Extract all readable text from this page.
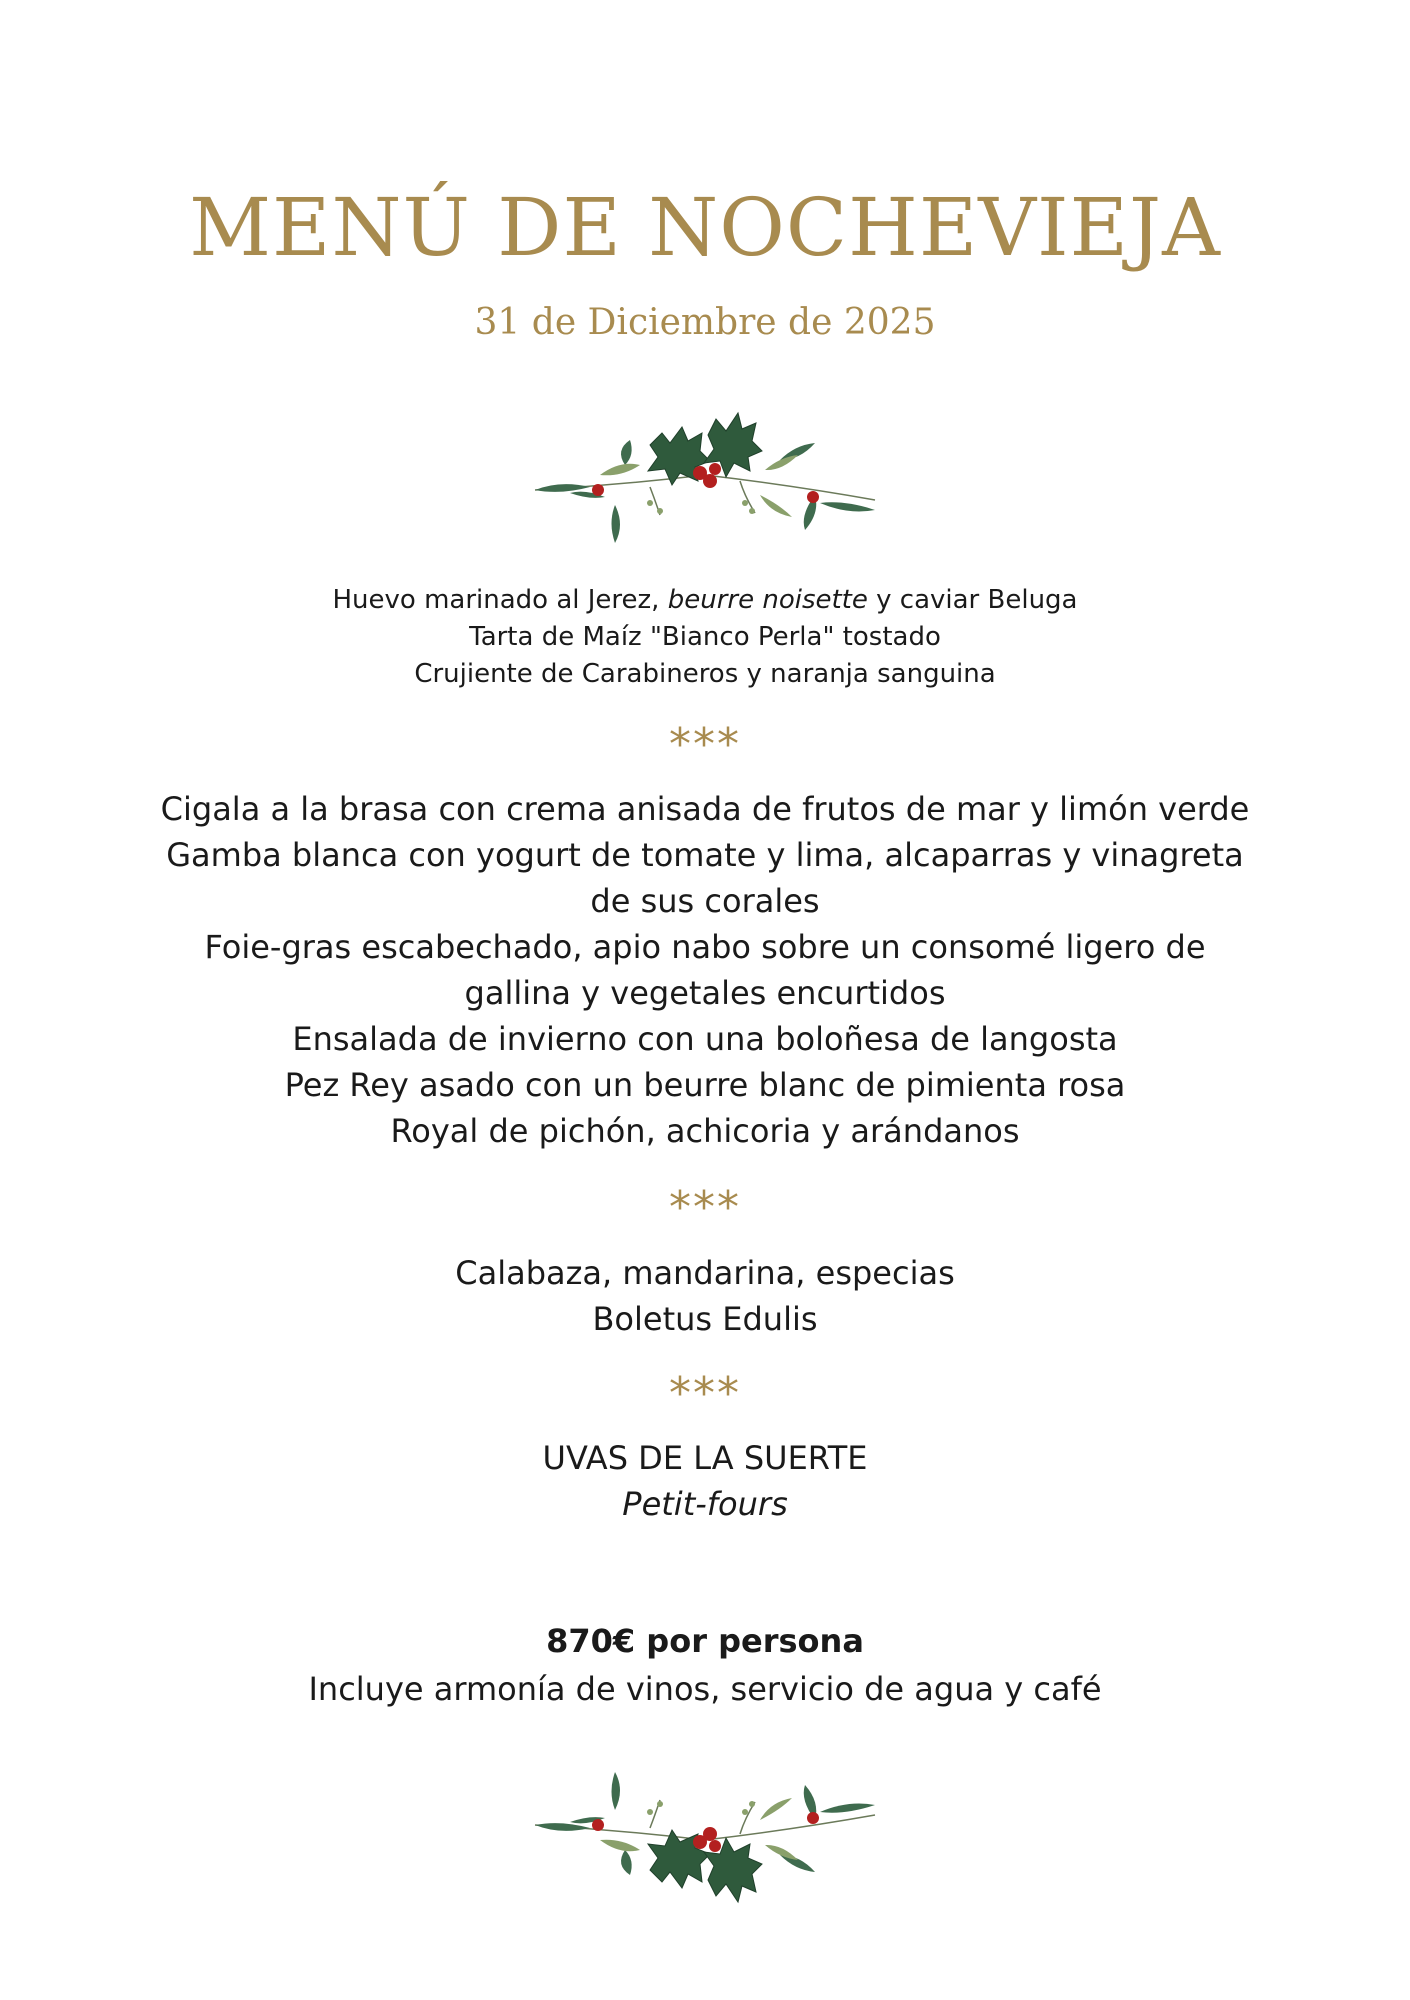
MENÚ DE NOCHEVIEJA
31 de Diciembre de 2025
Huevo marinado al Jerez, beurre noisette y caviar Beluga
Tarta de Maíz "Bianco Perla" tostado
Crujiente de Carabineros y naranja sanguina
***
Cigala a la brasa con crema anisada de frutos de mar y limón verde
Gamba blanca con yogurt de tomate y lima, alcaparras y vinagreta de sus corales
Foie-gras escabechado, apio nabo sobre un consomé ligero de gallina y vegetales encurtidos
Ensalada de invierno con una boloñesa de langosta
Pez Rey asado con un beurre blanc de pimienta rosa
Royal de pichón, achicoria y arándanos
***
Calabaza, mandarina, especias
Boletus Edulis
***
UVAS DE LA SUERTE
Petit-fours
870€ por persona
Incluye armonía de vinos, servicio de agua y café
